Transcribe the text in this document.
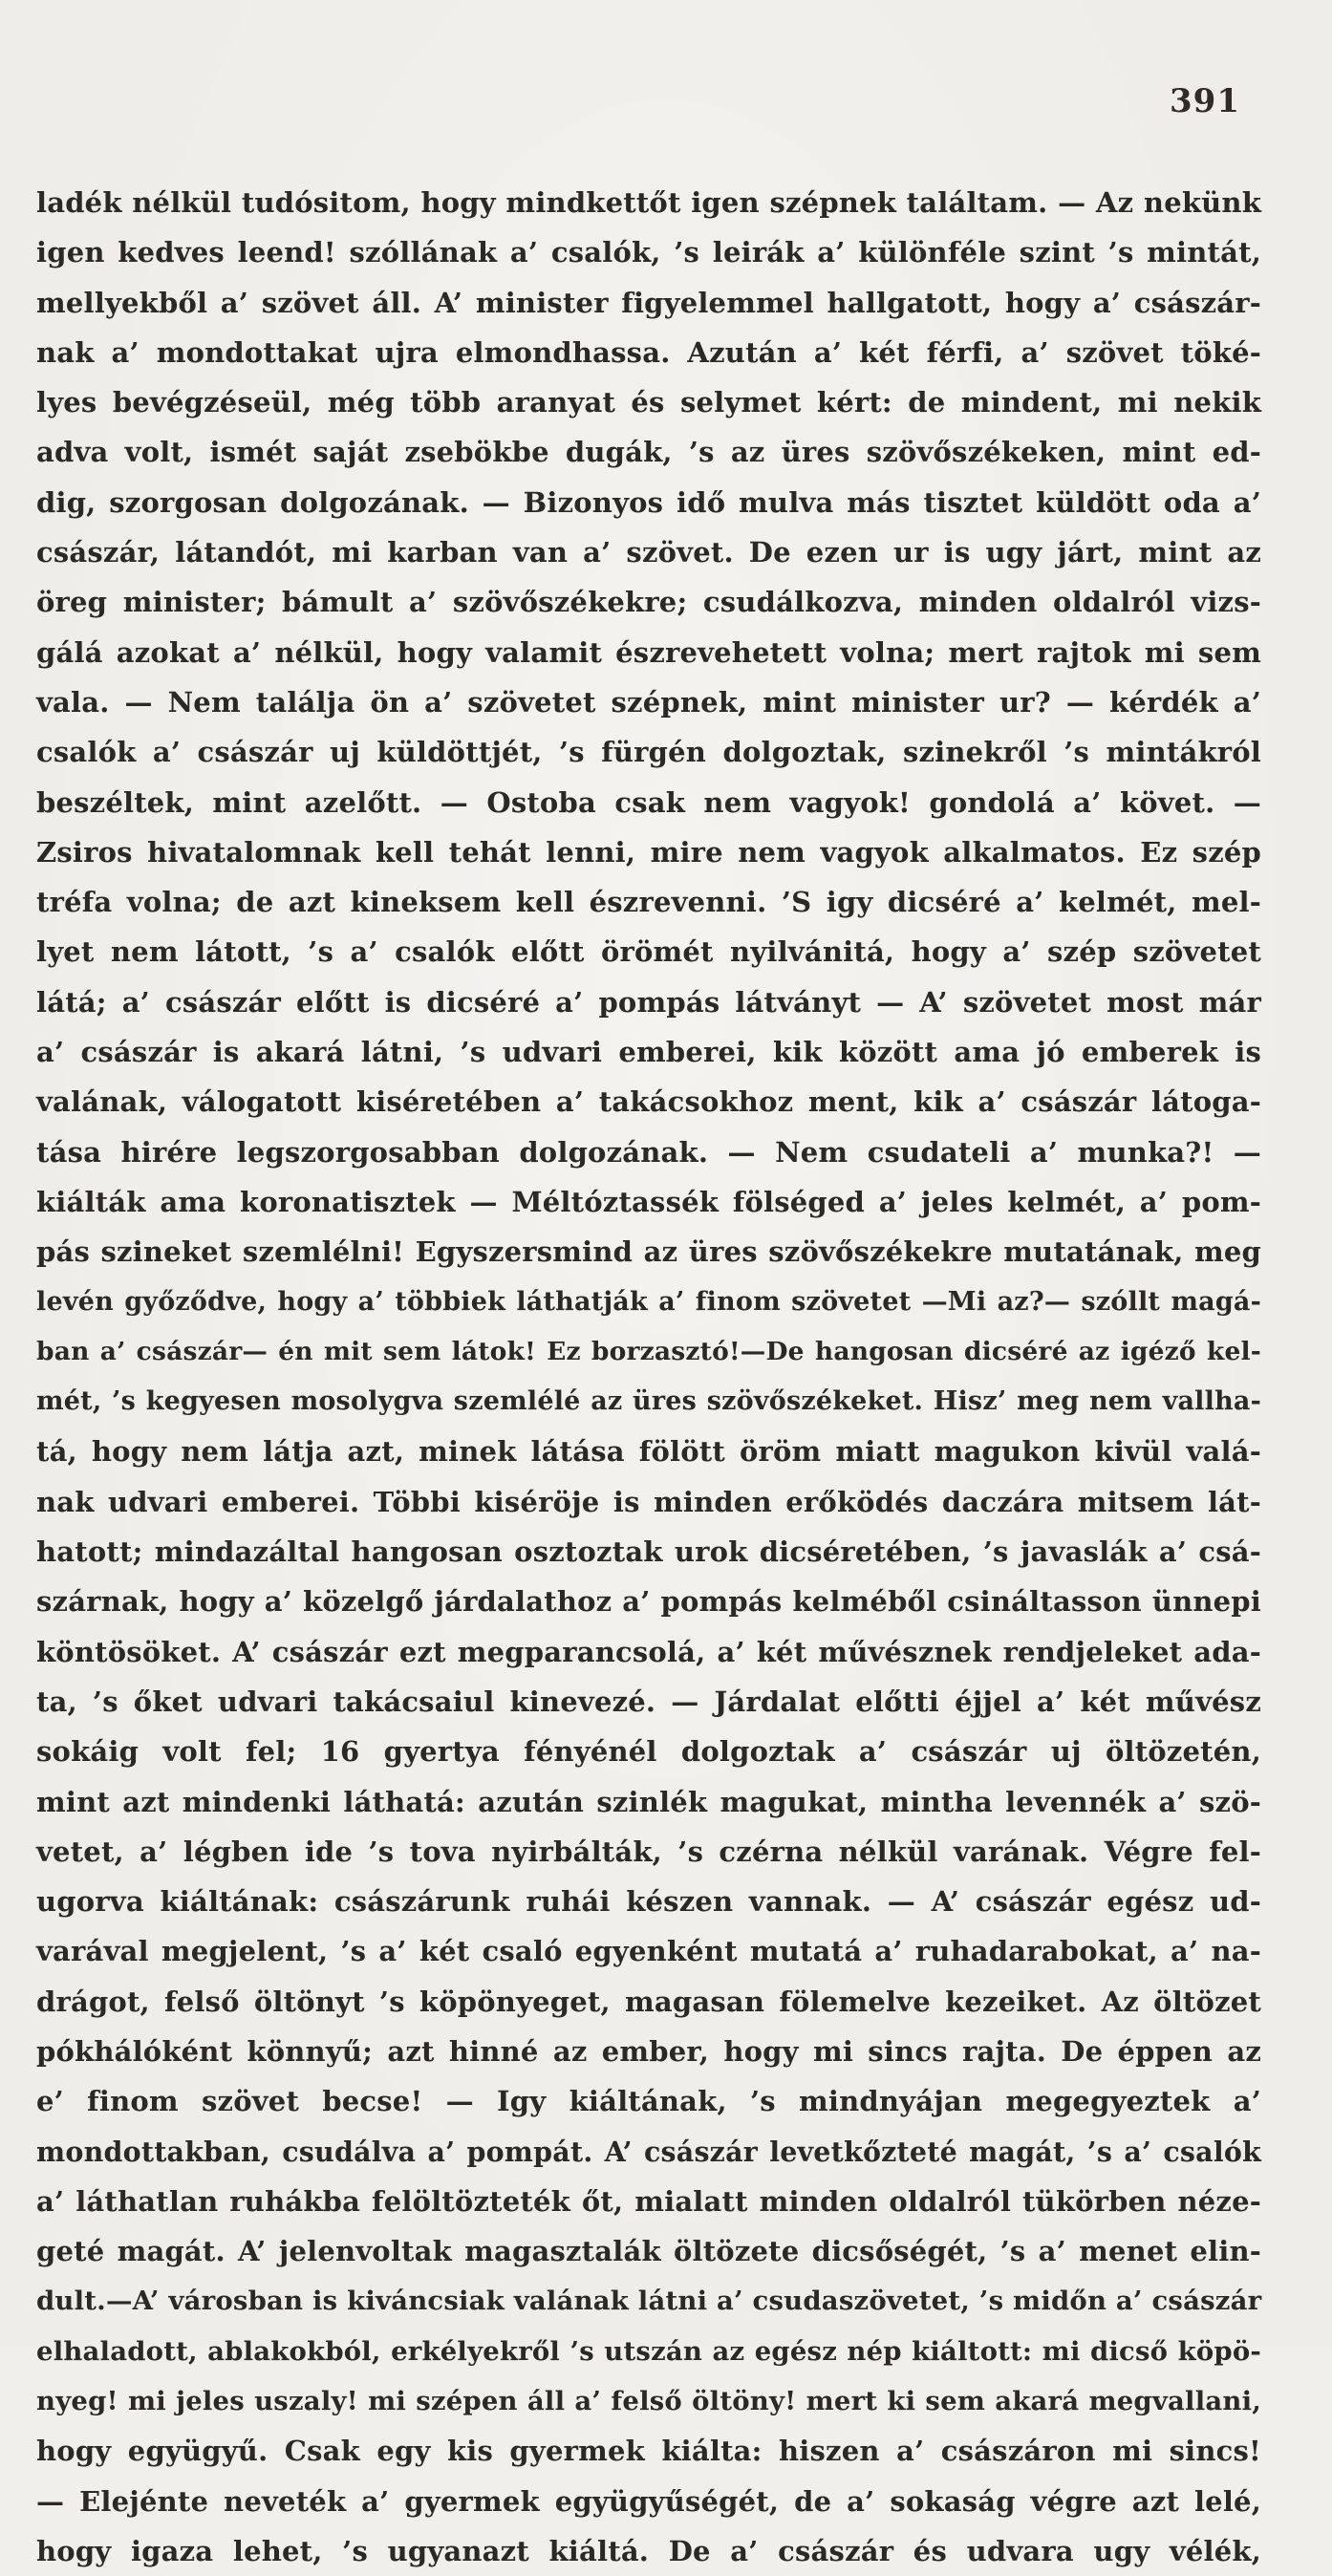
391
ladék nélkül tudósitom, hogy mindkettőt igen szépnek találtam. — Az nekünk
igen kedves leend! szóllának a’ csalók, ’s leirák a’ különféle szint ’s mintát,
mellyekből a’ szövet áll. A’ minister figyelemmel hallgatott, hogy a’ császár-
nak a’ mondottakat ujra elmondhassa. Azután a’ két férfi, a’ szövet töké-
lyes bevégzéseül, még több aranyat és selymet kért: de mindent, mi nekik
adva volt, ismét saját zsebökbe dugák, ’s az üres szövőszékeken, mint ed-
dig, szorgosan dolgozának. — Bizonyos idő mulva más tisztet küldött oda a’
császár, látandót, mi karban van a’ szövet. De ezen ur is ugy járt, mint az
öreg minister; bámult a’ szövőszékekre; csudálkozva, minden oldalról vizs-
gálá azokat a’ nélkül, hogy valamit észrevehetett volna; mert rajtok mi sem
vala. — Nem találja ön a’ szövetet szépnek, mint minister ur? — kérdék a’
csalók a’ császár uj küldöttjét, ’s fürgén dolgoztak, szinekről ’s mintákról
beszéltek, mint azelőtt. — Ostoba csak nem vagyok! gondolá a’ követ. —
Zsiros hivatalomnak kell tehát lenni, mire nem vagyok alkalmatos. Ez szép
tréfa volna; de azt kineksem kell észrevenni. ’S igy dicséré a’ kelmét, mel-
lyet nem látott, ’s a’ csalók előtt örömét nyilvánitá, hogy a’ szép szövetet
látá; a’ császár előtt is dicséré a’ pompás látványt — A’ szövetet most már
a’ császár is akará látni, ’s udvari emberei, kik között ama jó emberek is
valának, válogatott kiséretében a’ takácsokhoz ment, kik a’ császár látoga-
tása hirére legszorgosabban dolgozának. — Nem csudateli a’ munka?! —
kiálták ama koronatisztek — Méltóztassék fölséged a’ jeles kelmét, a’ pom-
pás szineket szemlélni! Egyszersmind az üres szövőszékekre mutatának, meg
levén győződve, hogy a’ többiek láthatják a’ finom szövetet —Mi az?— szóllt magá-
ban a’ császár— én mit sem látok! Ez borzasztó!—De hangosan dicséré az igéző kel-
mét, ’s kegyesen mosolygva szemlélé az üres szövőszékeket. Hisz’ meg nem vallha-
tá, hogy nem látja azt, minek látása fölött öröm miatt magukon kivül valá-
nak udvari emberei. Többi kiséröje is minden erőködés daczára mitsem lát-
hatott; mindazáltal hangosan osztoztak urok dicséretében, ’s javaslák a’ csá-
szárnak, hogy a’ közelgő járdalathoz a’ pompás kelméből csináltasson ünnepi
köntösöket. A’ császár ezt megparancsolá, a’ két művésznek rendjeleket ada-
ta, ’s őket udvari takácsaiul kinevezé. — Járdalat előtti éjjel a’ két művész
sokáig volt fel; 16 gyertya fényénél dolgoztak a’ császár uj öltözetén,
mint azt mindenki láthatá: azután szinlék magukat, mintha levennék a’ szö-
vetet, a’ légben ide ’s tova nyirbálták, ’s czérna nélkül varának. Végre fel-
ugorva kiáltának: császárunk ruhái készen vannak. — A’ császár egész ud-
varával megjelent, ’s a’ két csaló egyenként mutatá a’ ruhadarabokat, a’ na-
drágot, felső öltönyt ’s köpönyeget, magasan fölemelve kezeiket. Az öltözet
pókhálóként könnyű; azt hinné az ember, hogy mi sincs rajta. De éppen az
e’ finom szövet becse! — Igy kiáltának, ’s mindnyájan megegyeztek a’
mondottakban, csudálva a’ pompát. A’ császár levetkőzteté magát, ’s a’ csalók
a’ láthatlan ruhákba felöltözteték őt, mialatt minden oldalról tükörben néze-
geté magát. A’ jelenvoltak magasztalák öltözete dicsőségét, ’s a’ menet elin-
dult.—A’ városban is kiváncsiak valának látni a’ csudaszövetet, ’s midőn a’ császár
elhaladott, ablakokból, erkélyekről ’s utszán az egész nép kiáltott: mi dicső köpö-
nyeg! mi jeles uszaly! mi szépen áll a’ felső öltöny! mert ki sem akará megvallani,
hogy együgyű. Csak egy kis gyermek kiálta: hiszen a’ császáron mi sincs!
— Elejénte neveték a’ gyermek együgyűségét, de a’ sokaság végre azt lelé,
hogy igaza lehet, ’s ugyanazt kiáltá. De a’ császár és udvara ugy vélék,
